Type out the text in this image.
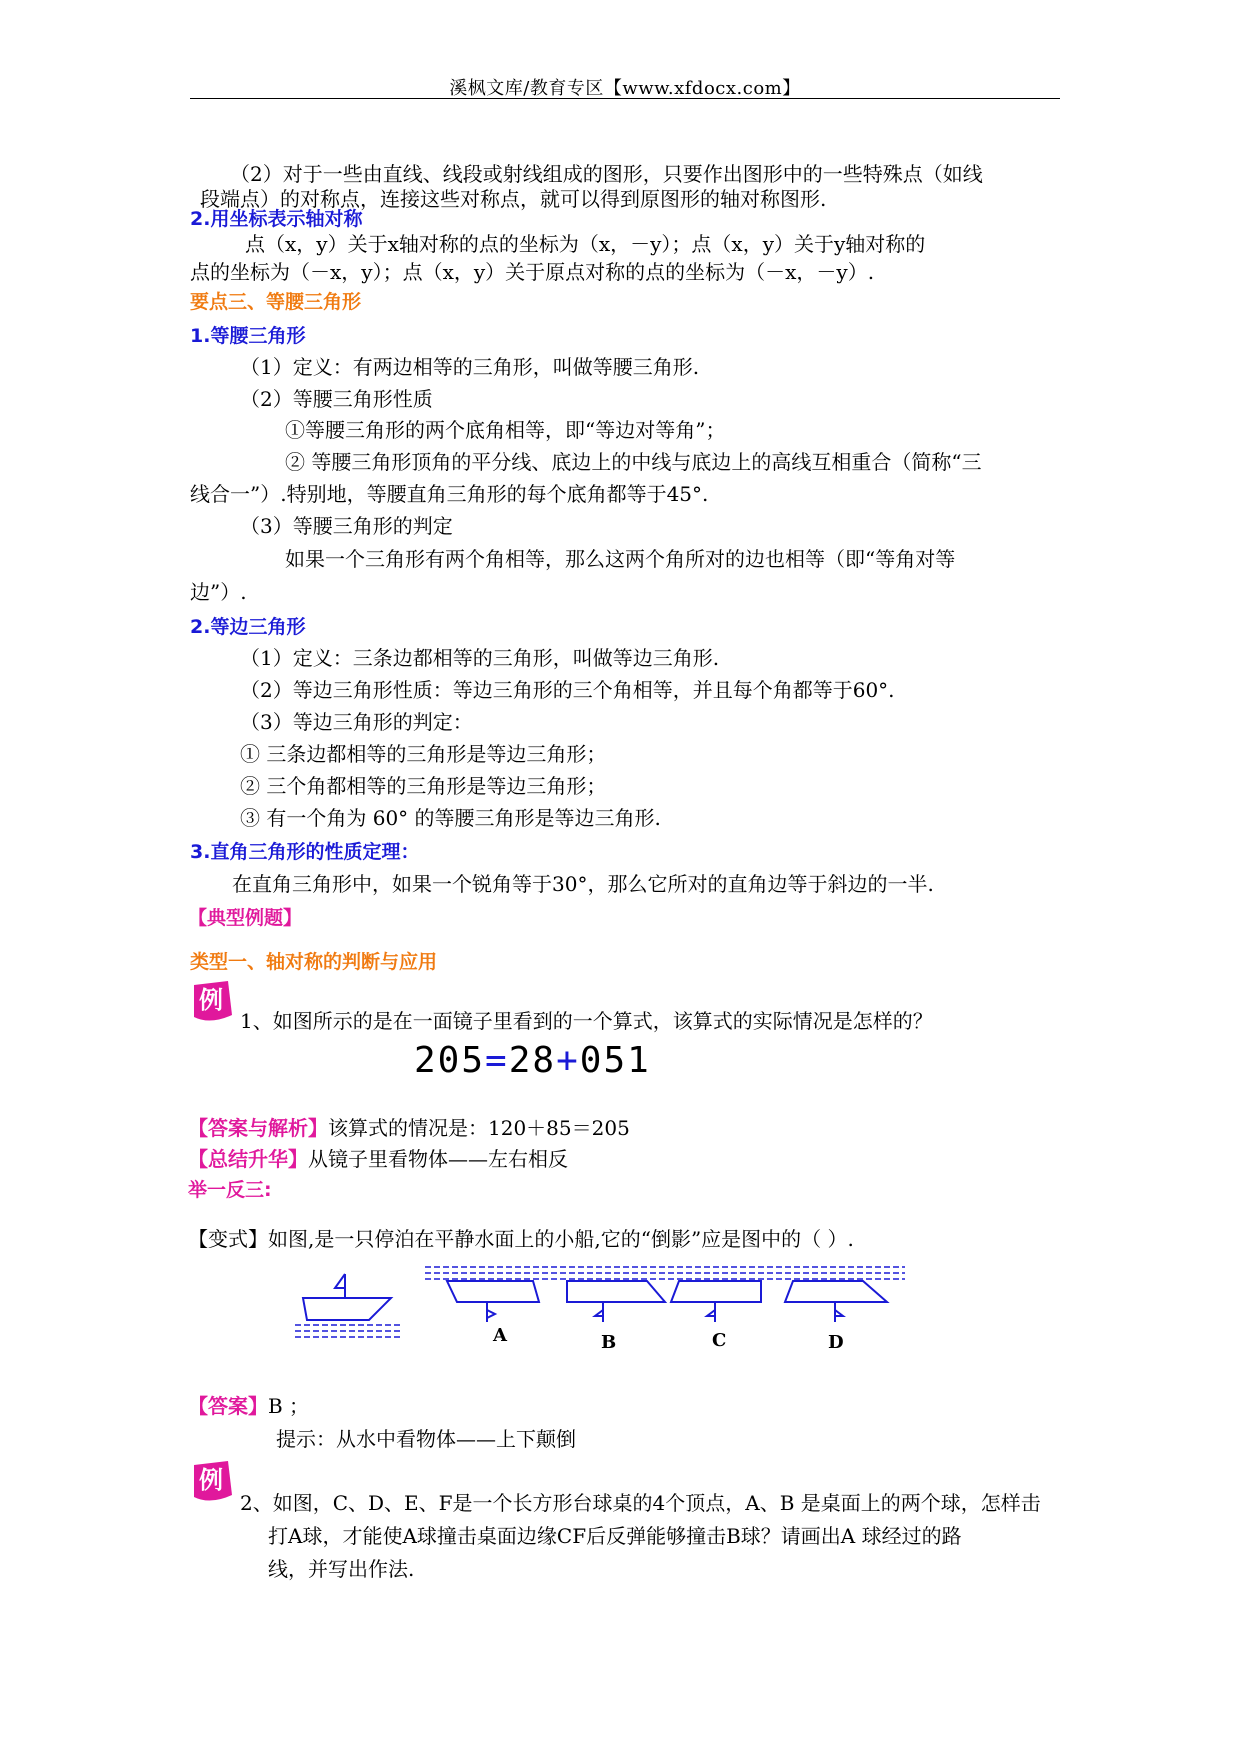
溪枫文库/教育专区【www.xfdocx.com】
（2）对于一些由直线、线段或射线组成的图形，只要作出图形中的一些特殊点（如线
段端点）的对称点，连接这些对称点，就可以得到原图形的轴对称图形.
2.用坐标表示轴对称
点（x，y）关于x轴对称的点的坐标为（x，－y）；点（x，y）关于y轴对称的
点的坐标为（－x，y）；点（x，y）关于原点对称的点的坐标为（－x，－y）.
要点三、等腰三角形
1.等腰三角形
（1）定义：有两边相等的三角形，叫做等腰三角形.
（2）等腰三角形性质
①等腰三角形的两个底角相等，即“等边对等角”；
② 等腰三角形顶角的平分线、底边上的中线与底边上的高线互相重合（简称“三
线合一”）.特别地，等腰直角三角形的每个底角都等于45°.
（3）等腰三角形的判定
如果一个三角形有两个角相等，那么这两个角所对的边也相等（即“等角对等
边”）.
2.等边三角形
（1）定义：三条边都相等的三角形，叫做等边三角形.
（2）等边三角形性质：等边三角形的三个角相等，并且每个角都等于60°.
（3）等边三角形的判定：
① 三条边都相等的三角形是等边三角形；
② 三个角都相等的三角形是等边三角形；
③ 有一个角为 60° 的等腰三角形是等边三角形.
3.直角三角形的性质定理：
在直角三角形中，如果一个锐角等于30°，那么它所对的直角边等于斜边的一半.
【典型例题】
类型一、轴对称的判断与应用
例
1、如图所示的是在一面镜子里看到的一个算式，该算式的实际情况是怎样的？
205=28+051
【答案与解析】该算式的情况是：120＋85＝205
【总结升华】从镜子里看物体——左右相反
举一反三:
【变式】如图,是一只停泊在平静水面上的小船,它的“倒影”应是图中的（ ）.
A	B	C	D
【答案】B ；
提示：从水中看物体——上下颠倒
例
2、如图，C、D、E、F是一个长方形台球桌的4个顶点，A、B 是桌面上的两个球，怎样击
打A球，才能使A球撞击桌面边缘CF后反弹能够撞击B球？请画出A 球经过的路
线，并写出作法.
